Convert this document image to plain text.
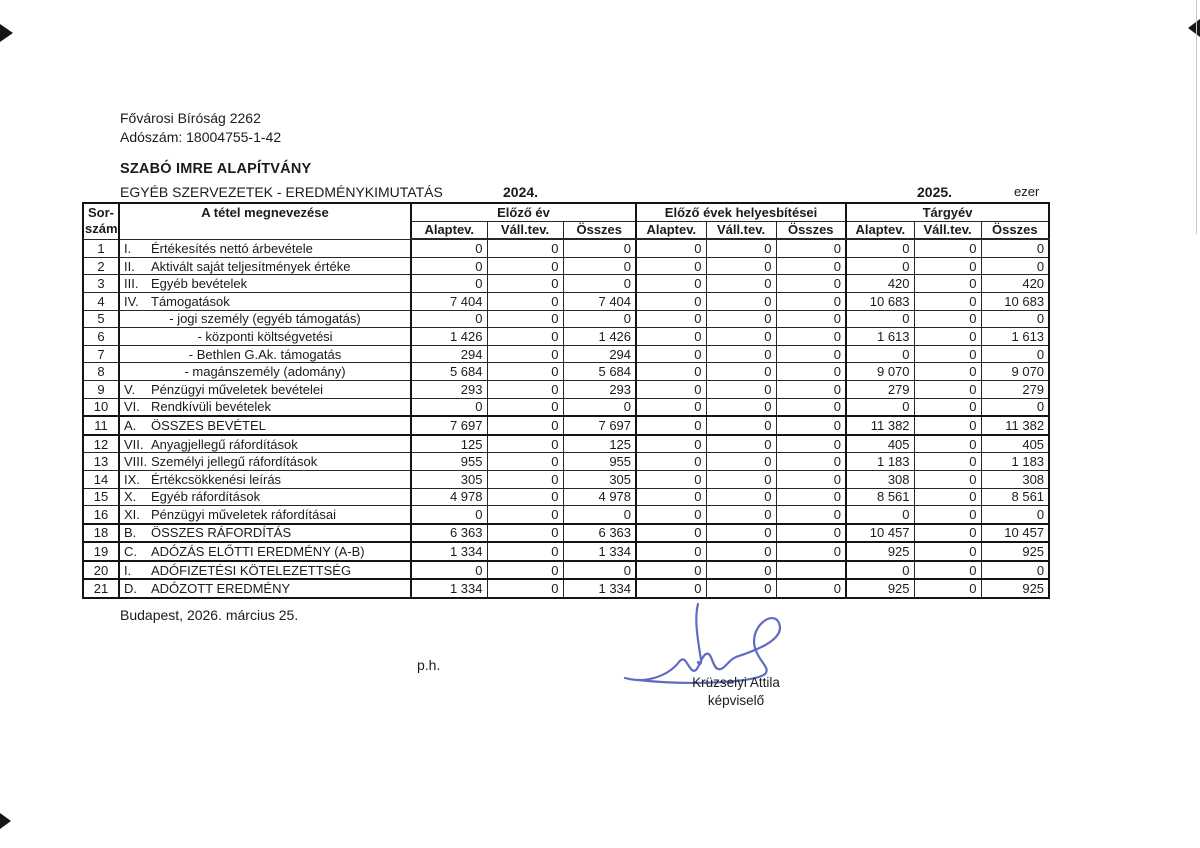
Fővárosi Bíróság 2262
Adószám: 18004755-1-42
SZABÓ IMRE ALAPÍTVÁNY
EGYÉB SZERVEZETEK - EREDMÉNYKIMUTATÁS	2024.	2025.	ezer
Sor-
szám	A tétel megnevezése	Előző év			Előző évek helyesbítései			Tárgyév		
		Alaptev.	Váll.tev.	Összes	Alaptev.	Váll.tev.	Összes	Alaptev.	Váll.tev.	Összes
1	I. Értékesítés nettó árbevétele	0	0	0	0	0	0	0	0	0
2	II. Aktivált saját teljesítmények értéke	0	0	0	0	0	0	0	0	0
3	III. Egyéb bevételek	0	0	0	0	0	0	420	0	420
4	IV. Támogatások	7 404	0	7 404	0	0	0	10 683	0	10 683
5	- jogi személy (egyéb támogatás)	0	0	0	0	0	0	0	0	0
6	- központi költségvetési	1 426	0	1 426	0	0	0	1 613	0	1 613
7	- Bethlen G.Ak. támogatás	294	0	294	0	0	0	0	0	0
8	- magánszemély (adomány)	5 684	0	5 684	0	0	0	9 070	0	9 070
9	V. Pénzügyi műveletek bevételei	293	0	293	0	0	0	279	0	279
10	VI. Rendkívüli bevételek	0	0	0	0	0	0	0	0	0
11	A. ÖSSZES BEVÉTEL	7 697	0	7 697	0	0	0	11 382	0	11 382
12	VII. Anyagjellegű ráfordítások	125	0	125	0	0	0	405	0	405
13	VIII. Személyi jellegű ráfordítások	955	0	955	0	0	0	1 183	0	1 183
14	IX. Értékcsökkenési leírás	305	0	305	0	0	0	308	0	308
15	X. Egyéb ráfordítások	4 978	0	4 978	0	0	0	8 561	0	8 561
16	XI. Pénzügyi műveletek ráfordításai	0	0	0	0	0	0	0	0	0
18	B. ÖSSZES RÁFORDÍTÁS	6 363	0	6 363	0	0	0	10 457	0	10 457
19	C. ADÓZÁS ELŐTTI EREDMÉNY (A-B)	1 334	0	1 334	0	0	0	925	0	925
20	I. ADÓFIZETÉSI KÖTELEZETTSÉG	0	0	0	0	0		0	0	0
21	D. ADÓZOTT EREDMÉNY	1 334	0	1 334	0	0	0	925	0	925
Budapest, 2026. március 25.
p.h.
Krüzselyi Attila
képviselő
